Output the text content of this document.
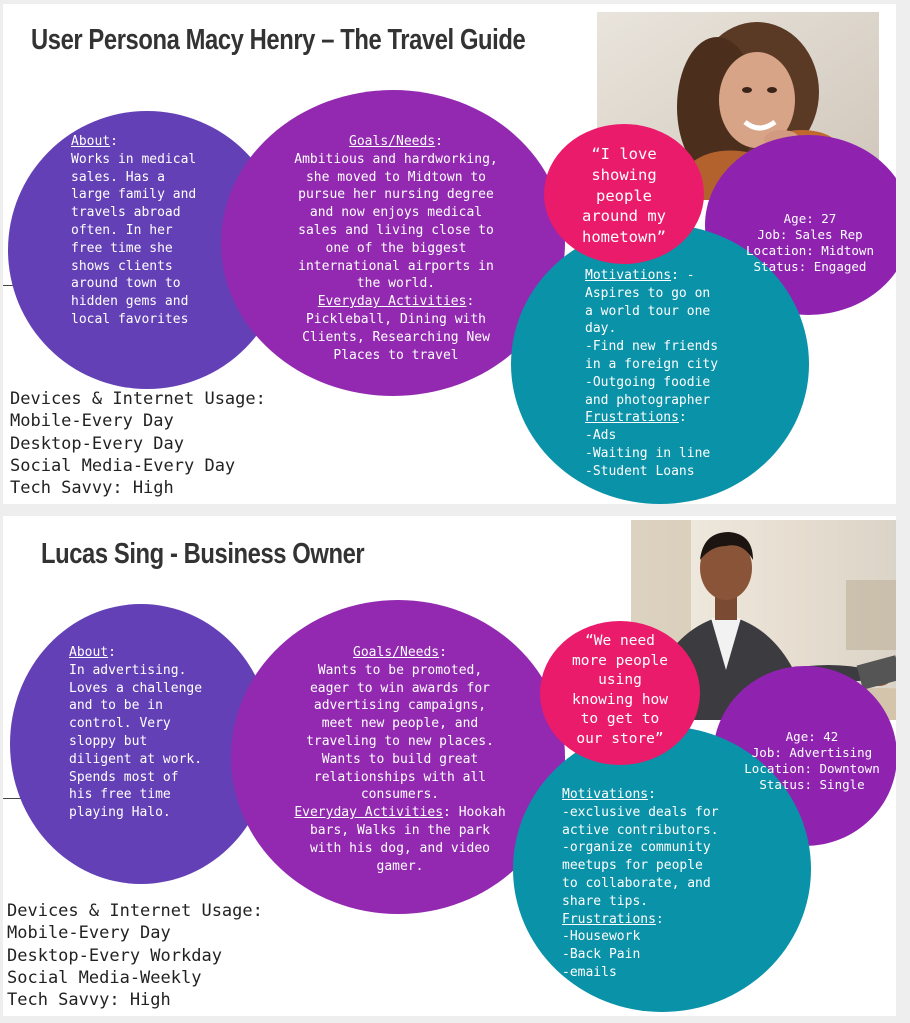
User Persona Macy Henry – The Travel Guide
About:
Works in medical
sales. Has a
large family and
travels abroad
often. In her
free time she
shows clients
around town to
hidden gems and
local favorites
Goals/Needs:
Ambitious and hardworking,
she moved to Midtown to
pursue her nursing degree
and now enjoys medical
sales and living close to
one of the biggest
international airports in
the world.
Everyday Activities:
Pickleball, Dining with
Clients, Researching New
Places to travel
Motivations: -
Aspires to go on
a world tour one
day.
-Find new friends
in a foreign city
-Outgoing foodie
and photographer
Frustrations:
-Ads
-Waiting in line
-Student Loans
Age: 27
Job: Sales Rep
Location: Midtown
Status: Engaged
“I love
showing
people
around my
hometown”
Devices & Internet Usage:
Mobile-Every Day
Desktop-Every Day
Social Media-Every Day
Tech Savvy: High
Lucas Sing - Business Owner
About:
In advertising.
Loves a challenge
and to be in
control. Very
sloppy but
diligent at work.
Spends most of
his free time
playing Halo.
Goals/Needs:
Wants to be promoted,
eager to win awards for
advertising campaigns,
meet new people, and
traveling to new places.
Wants to build great
relationships with all
consumers.
Everyday Activities: Hookah
bars, Walks in the park
with his dog, and video
gamer.
Motivations:
-exclusive deals for
active contributors.
-organize community
meetups for people
to collaborate, and
share tips.
Frustrations:
-Housework
-Back Pain
-emails
Age: 42
Job: Advertising
Location: Downtown
Status: Single
“We need
more people
using
knowing how
to get to
our store”
Devices & Internet Usage:
Mobile-Every Day
Desktop-Every Workday
Social Media-Weekly
Tech Savvy: High
